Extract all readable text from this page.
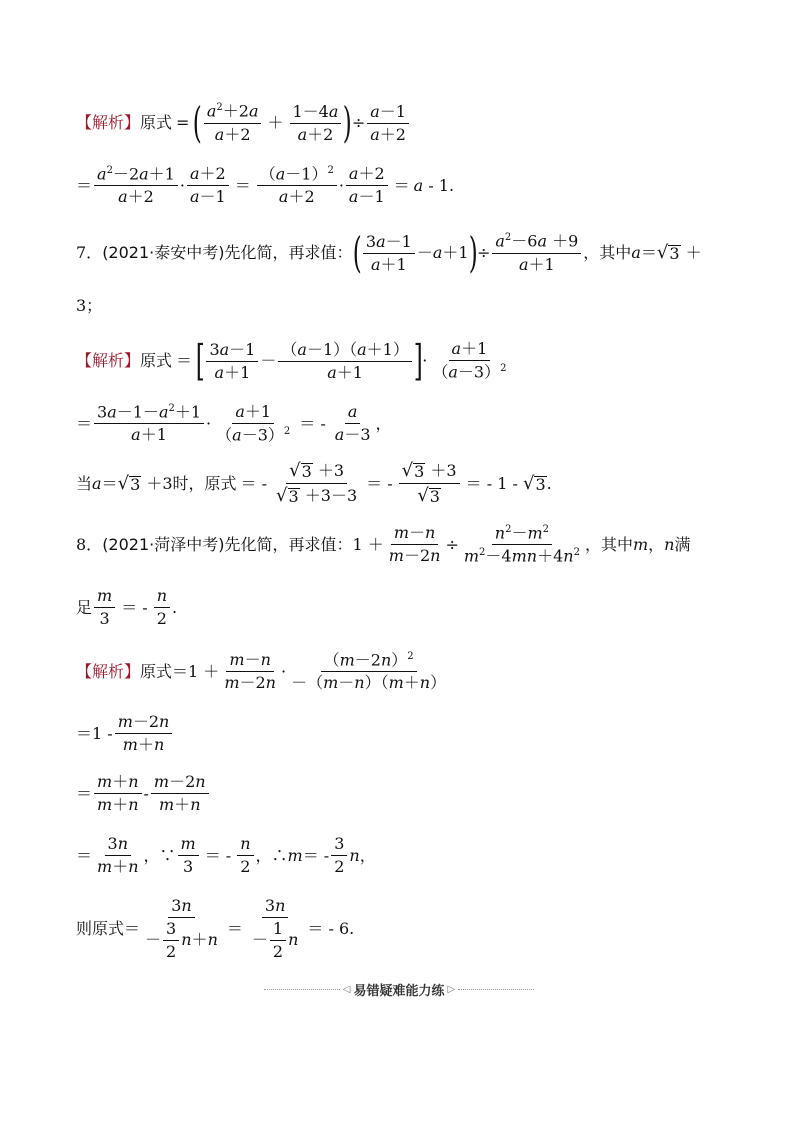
【解析】 原式 = ( $\frac{a^2+2a}{a+2} + \frac{1-4a}{a+2}$ ) ÷ $\frac{a-1}{a+2}$
＝ $\frac{a^2-2a+1}{a+2} \cdot \frac{a+2}{a-1} = \frac{(a-1)^2}{a+2} \cdot \frac{a+2}{a-1} = a - 1$.
7． (2021·泰安中考) 先化简，再求值： ( $\frac{3a-1}{a+1} -a+1$ ) ÷ $\frac{a^2-6a +9}{a+1}$ ，其中 a＝ √ 3 ＋
3；
【解析】 原式 ＝ [ $\frac{3a-1}{a+1} - \frac{(a-1)(a+1)}{a+1}$ ] · $\frac{a+1}{(a-3)^2}$
＝ $\frac{3a-1-a^2+1}{a+1} \cdot \frac{a+1}{(a-3)^2}$ ＝ - $\frac{a}{a-3}$ ，
当 a＝ √ 3 ＋3 时，原式 ＝ - $\frac{√ 3 +3}{√ 3 +3-3}$ ＝ - $\frac{√ 3 +3}{√ 3}$ ＝ - 1 - √ 3 .
8． (2021·菏泽中考) 先化简，再求值： $1 + \frac{m-n}{m-2n} \div \frac{n^2-m^2}{m^2-4mn+4n^2}$ ，其中 m，n 满
足 $\frac{m}{3}$ ＝ - $\frac{n}{2}$ .
【解析】 原式 $=1 + \frac{m-n}{m-2n} \cdot \frac{(m-2n)^2}{-(m-n)(m+n)}$
$=1 - \frac{m-2n}{m+n}$
＝ $\frac{m+n}{m+n} - \frac{m-2n}{m+n}$
＝ $\frac{3n}{m+n}$ ，∵ $\frac{m}{3}$ ＝ - $\frac{n}{2}$ ，∴m＝ - $\frac{3}{2}$ n，
则原式 ＝ $\frac{3n}{- \frac{3}{2} n+n} = \frac{3n}{- \frac{1}{2} n}$ ＝ - 6.
◁ 易错疑难能力练 ▷
